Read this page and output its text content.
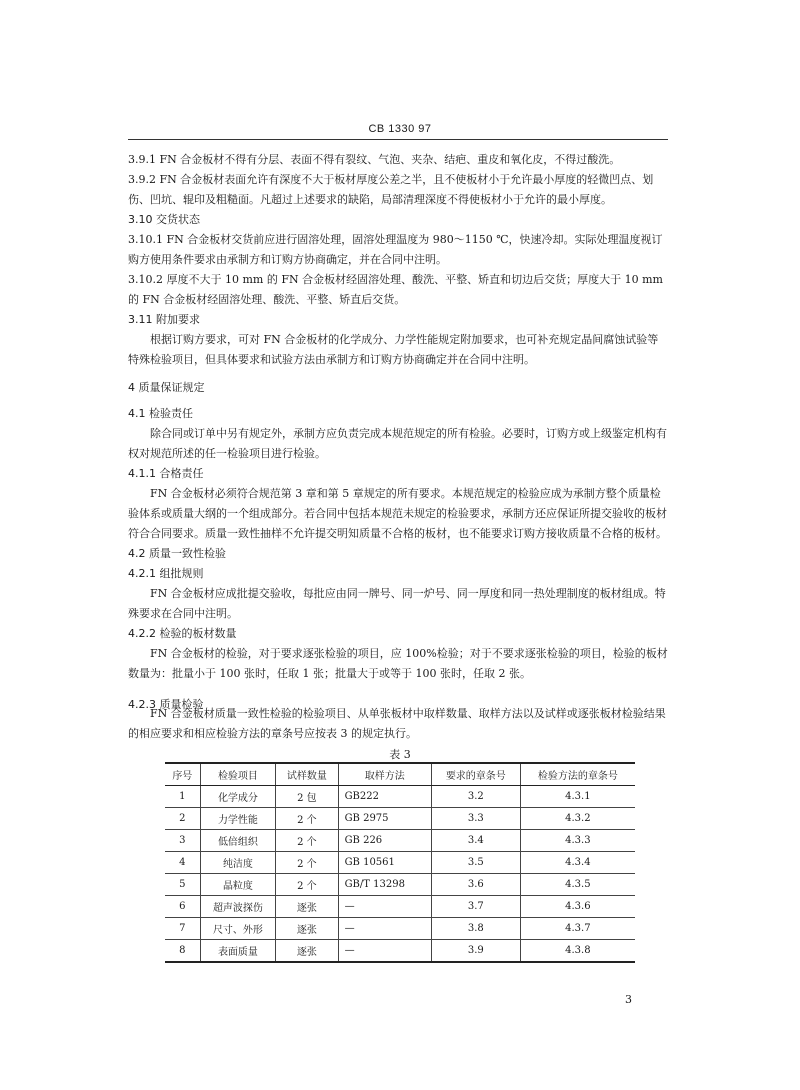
CB 1330 97

3.9.1 FN 合金板材不得有分层、表面不得有裂纹、气泡、夹杂、结疤、重皮和氧化皮，不得过酸洗。

3.9.2 FN 合金板材表面允许有深度不大于板材厚度公差之半，且不使板材小于允许最小厚度的轻微凹点、划伤、凹坑、辊印及粗糙面。凡超过上述要求的缺陷，局部清理深度不得使板材小于允许的最小厚度。

3.10 交货状态

3.10.1 FN 合金板材交货前应进行固溶处理，固溶处理温度为 980～1150 ℃，快速冷却。实际处理温度视订购方使用条件要求由承制方和订购方协商确定，并在合同中注明。

3.10.2 厚度不大于 10 mm 的 FN 合金板材经固溶处理、酸洗、平整、矫直和切边后交货；厚度大于 10 mm 的 FN 合金板材经固溶处理、酸洗、平整、矫直后交货。

3.11 附加要求

根据订购方要求，可对 FN 合金板材的化学成分、力学性能规定附加要求，也可补充规定晶间腐蚀试验等特殊检验项目，但具体要求和试验方法由承制方和订购方协商确定并在合同中注明。

4 质量保证规定
4.1 检验责任

除合同或订单中另有规定外，承制方应负责完成本规范规定的所有检验。必要时，订购方或上级鉴定机构有权对规范所述的任一检验项目进行检验。

4.1.1 合格责任

FN 合金板材必须符合规范第 3 章和第 5 章规定的所有要求。本规范规定的检验应成为承制方整个质量检验体系或质量大纲的一个组成部分。若合同中包括本规范未规定的检验要求，承制方还应保证所提交验收的板材符合合同要求。质量一致性抽样不允许提交明知质量不合格的板材，也不能要求订购方接收质量不合格的板材。

4.2 质量一致性检验
4.2.1 组批规则

FN 合金板材应成批提交验收，每批应由同一牌号、同一炉号、同一厚度和同一热处理制度的板材组成。特殊要求在合同中注明。

4.2.2 检验的板材数量
表 3
序号	检验项目	试样数量	取样方法	要求的章条号	检验方法的章条号
1	化学成分	2 包	GB222	3.2	4.3.1
2	力学性能	2 个	GB 2975	3.3	4.3.2
3	低倍组织	2 个	GB 226	3.4	4.3.3
4	纯洁度	2 个	GB 10561	3.5	4.3.4
5	晶粒度	2 个	GB/T 13298	3.6	4.3.5
6	超声波探伤	逐张	—	3.7	4.3.6
7	尺寸、外形	逐张	—	3.8	4.3.7
8	表面质量	逐张	—	3.9	4.3.8
3

FN 合金板材的检验，对于要求逐张检验的项目，应 100%检验；对于不要求逐张检验的项目，检验的板材数量为：批量小于 100 张时，任取 1 张；批量大于或等于 100 张时，任取 2 张。

4.2.3 质量检验

FN 合金板材质量一致性检验的检验项目、从单张板材中取样数量、取样方法以及试样或逐张板材检验结果的相应要求和相应检验方法的章条号应按表 3 的规定执行。
